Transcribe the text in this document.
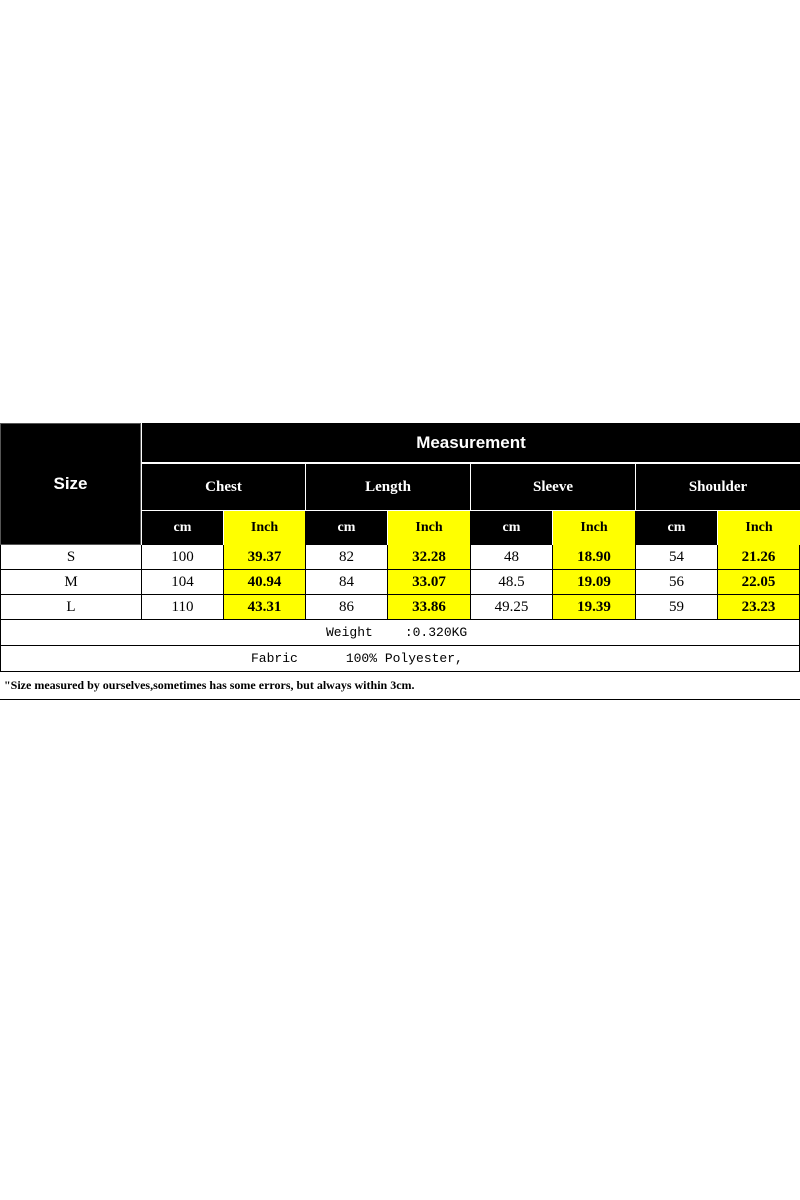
Size
Measurement
Chest	Length	Sleeve	Shoulder
cm	Inch	cm	Inch	cm	Inch	cm	Inch
S	100	39.37	82	32.28	48	18.90	54	21.26
M	104	40.94	84	33.07	48.5	19.09	56	22.05
L	110	43.31	86	33.86	49.25	19.39	59	23.23
Weight :0.320KG
Fabric	100% Polyester,
"Size measured by ourselves,sometimes has some errors, but always within 3cm.
